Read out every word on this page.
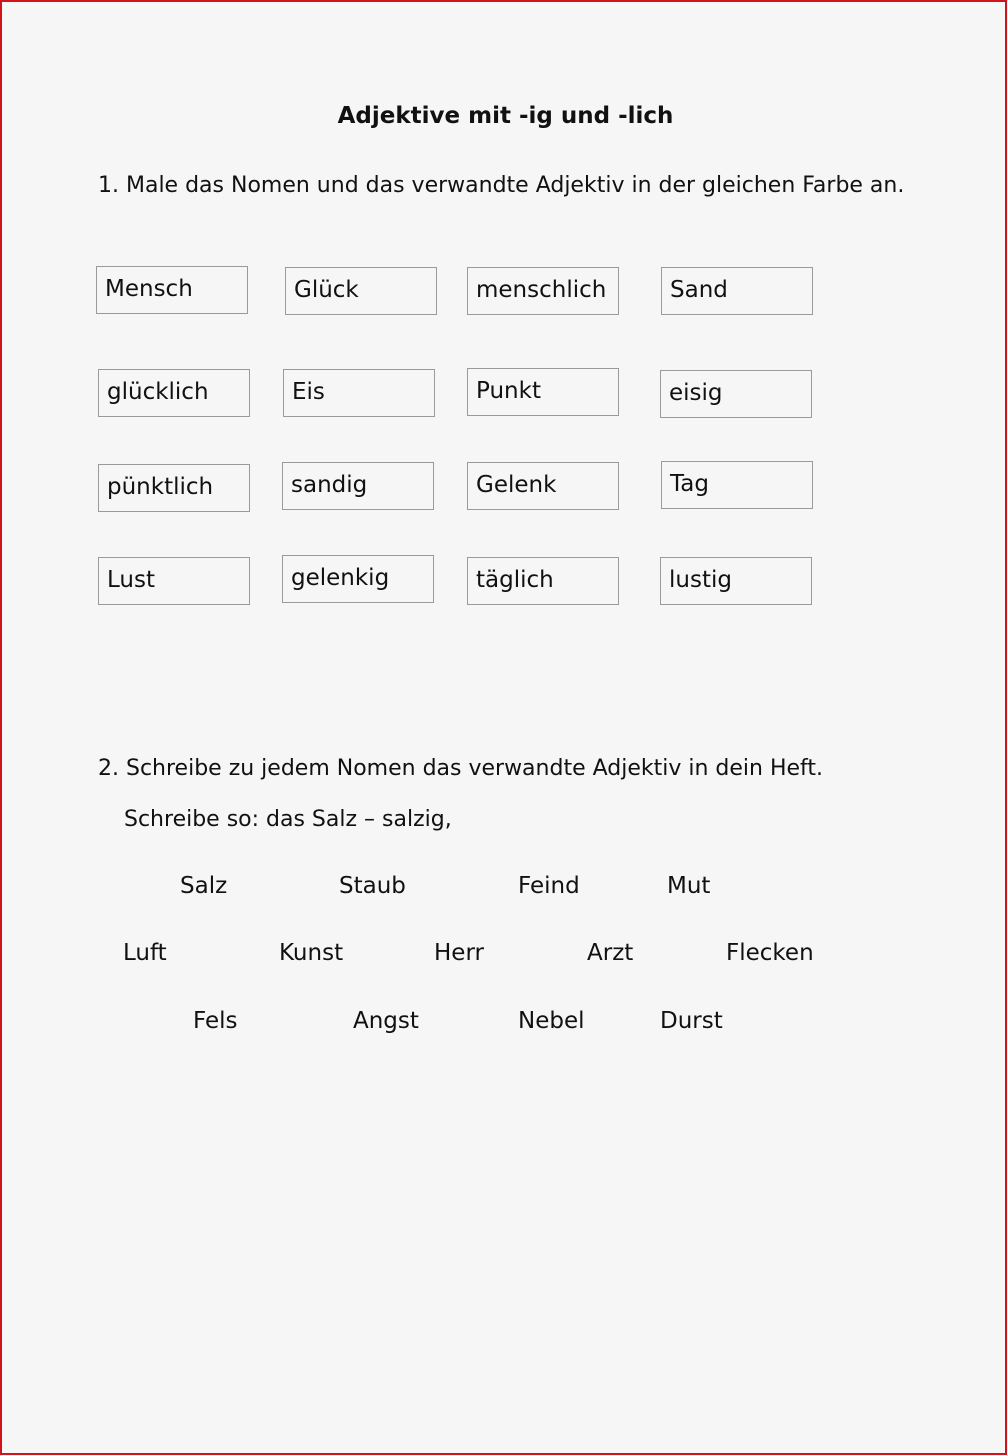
Adjektive mit -ig und -lich
1. Male das Nomen und das verwandte Adjektiv in der gleichen Farbe an.
Mensch	Glück	menschlich	Sand
glücklich	Eis	Punkt	eisig
pünktlich	sandig	Gelenk	Tag
Lust	gelenkig	täglich	lustig
2. Schreibe zu jedem Nomen das verwandte Adjektiv in dein Heft.
Schreibe so: das Salz – salzig,
Salz	Staub	Feind	Mut
Luft	Kunst	Herr	Arzt	Flecken
Fels	Angst	Nebel	Durst
